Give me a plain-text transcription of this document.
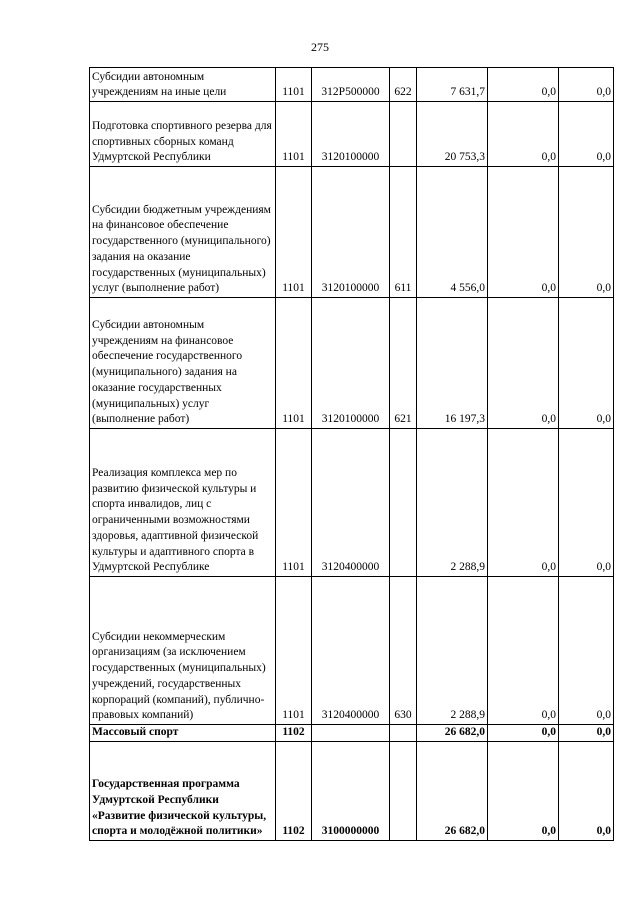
275
Субсидии автономным учреждениям на иные цели	1101	312P500000	622	7 631,7	0,0	0,0

Подготовка спортивного резерва для спортивных сборных команд Удмуртской Республики	1101	3120100000		20 753,3	0,0	0,0

Субсидии бюджетным учреждениям на финансовое обеспечение государственного (муниципального) задания на оказание государственных (муниципальных) услуг (выполнение работ)	1101	3120100000	611	4 556,0	0,0	0,0

Субсидии автономным учреждениям на финансовое обеспечение государственного (муниципального) задания на оказание государственных (муниципальных) услуг (выполнение работ)	1101	3120100000	621	16 197,3	0,0	0,0

Реализация комплекса мер по развитию физической культуры и спорта инвалидов, лиц с ограниченными возможностями здоровья, адаптивной физической культуры и адаптивного спорта в Удмуртской Республике	1101	3120400000		2 288,9	0,0	0,0

Субсидии некоммерческим организациям (за исключением государственных (муниципальных) учреждений, государственных корпораций (компаний), публично-правовых компаний)	1101	3120400000	630	2 288,9	0,0	0,0

Массовый спорт	1102			26 682,0	0,0	0,0

Государственная программа Удмуртской Республики «Развитие физической культуры, спорта и молодёжной политики»	1102	3100000000		26 682,0	0,0	0,0
